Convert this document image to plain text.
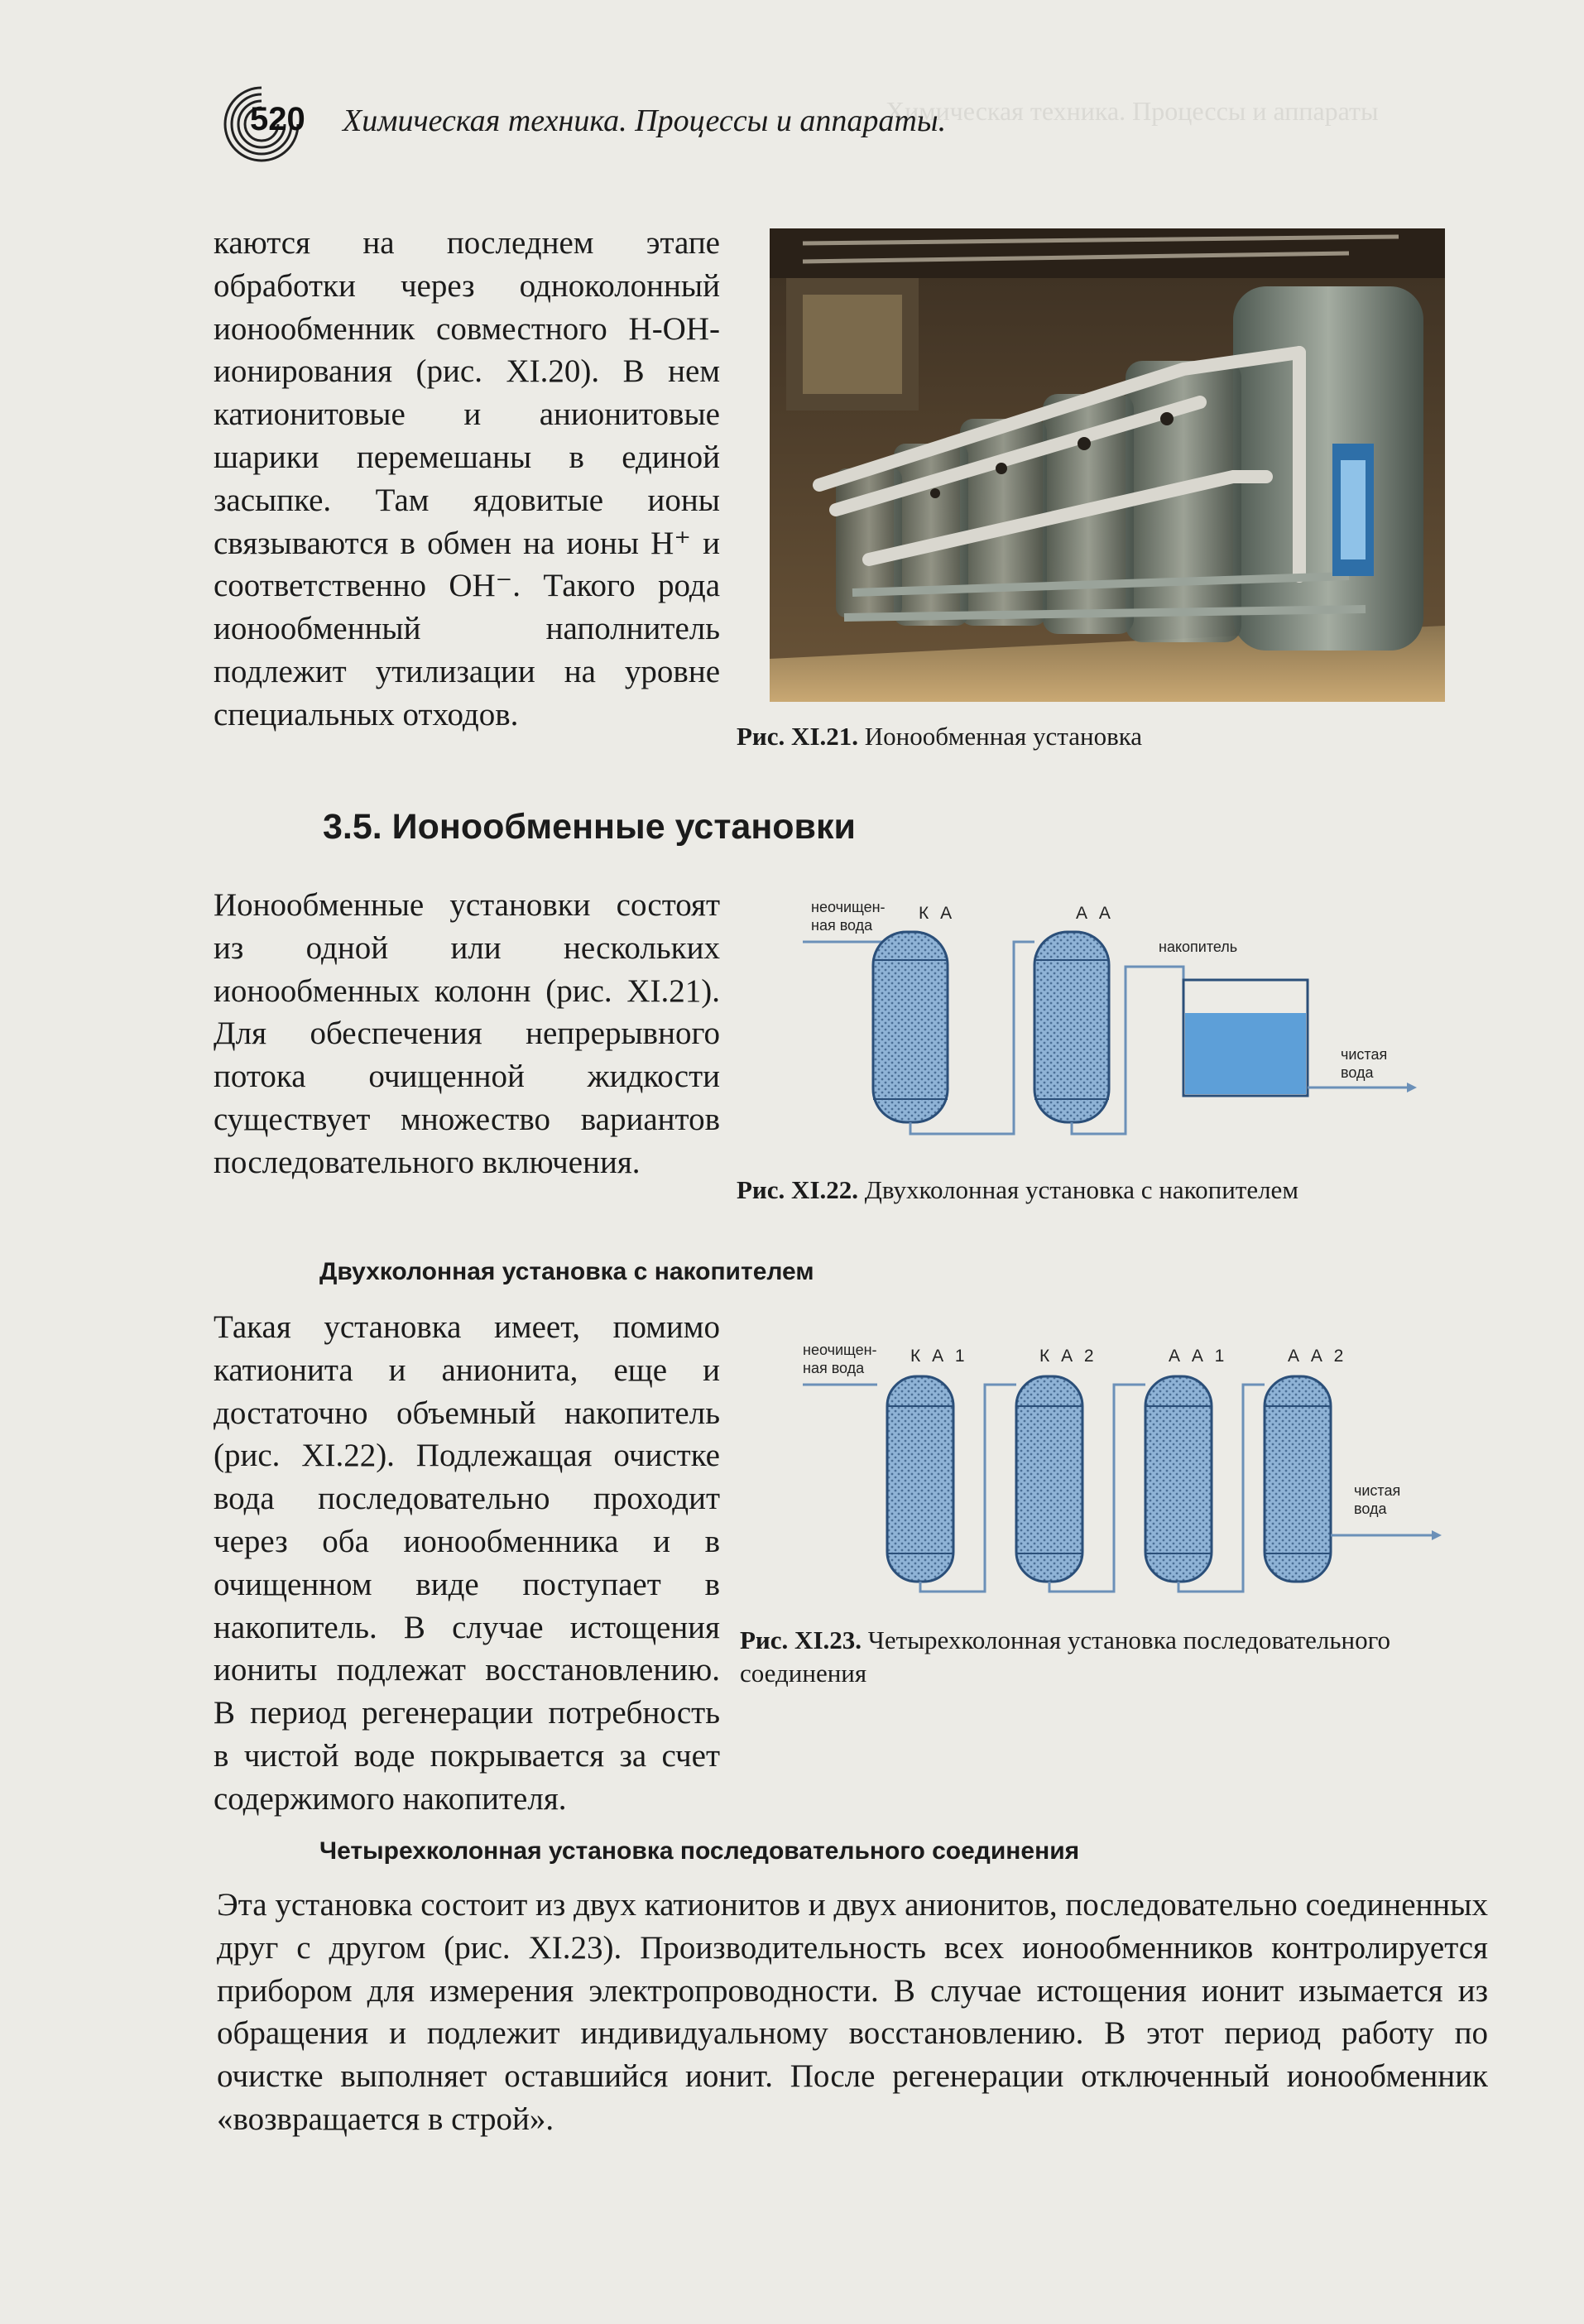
520 Химическая техника. Процессы и аппараты.
Химическая техника. Процессы и аппараты

каются на последнем этапе обработки через одноколонный ионообменник совместного Н-ОН-ионирования (рис. XI.20). В нем катионитовые и анионитовые шарики перемешаны в единой засыпке. Там ядовитые ионы связываются в обмен на ионы Н⁺ и соответственно ОН⁻. Такого рода ионообменный наполнитель подлежит утилизации на уровне специальных отходов.

Рис. XI.21. Ионообменная установка
3.5. Ионообменные установки

Ионообменные установки состоят из одной или нескольких ионообменных колонн (рис. XI.21). Для обеспечения непрерывного потока очищенной жидкости существует множество вариантов последовательного включения.

неочищен-
ная вода
К А	А А
накопитель
чистая
вода
Рис. XI.22. Двухколонная установка с накопителем
Двухколонная установка с накопителем

Такая установка имеет, помимо катионита и анионита, еще и достаточно объемный накопитель (рис. XI.22). Подлежащая очистке вода последовательно проходит через оба ионообменника и в очищенном виде поступает в накопитель. В случае истощения иониты подлежат восстановлению. В период регенерации потребность в чистой воде покрывается за счет содержимого накопителя.

неочищен-
ная вода
К А 1	К А 2	А А 1	А А 2
чистая
вода
Рис. XI.23. Четырехколонная установка последовательного соединения
Четырехколонная установка последовательного соединения

Эта установка состоит из двух катионитов и двух анионитов, последовательно соединенных друг с другом (рис. XI.23). Производительность всех ионообменников контролируется прибором для измерения электропроводности. В случае истощения ионит изымается из обращения и подлежит индивидуальному восстановлению. В этот период работу по очистке выполняет оставшийся ионит. После регенерации отключенный ионообменник «возвращается в строй».
